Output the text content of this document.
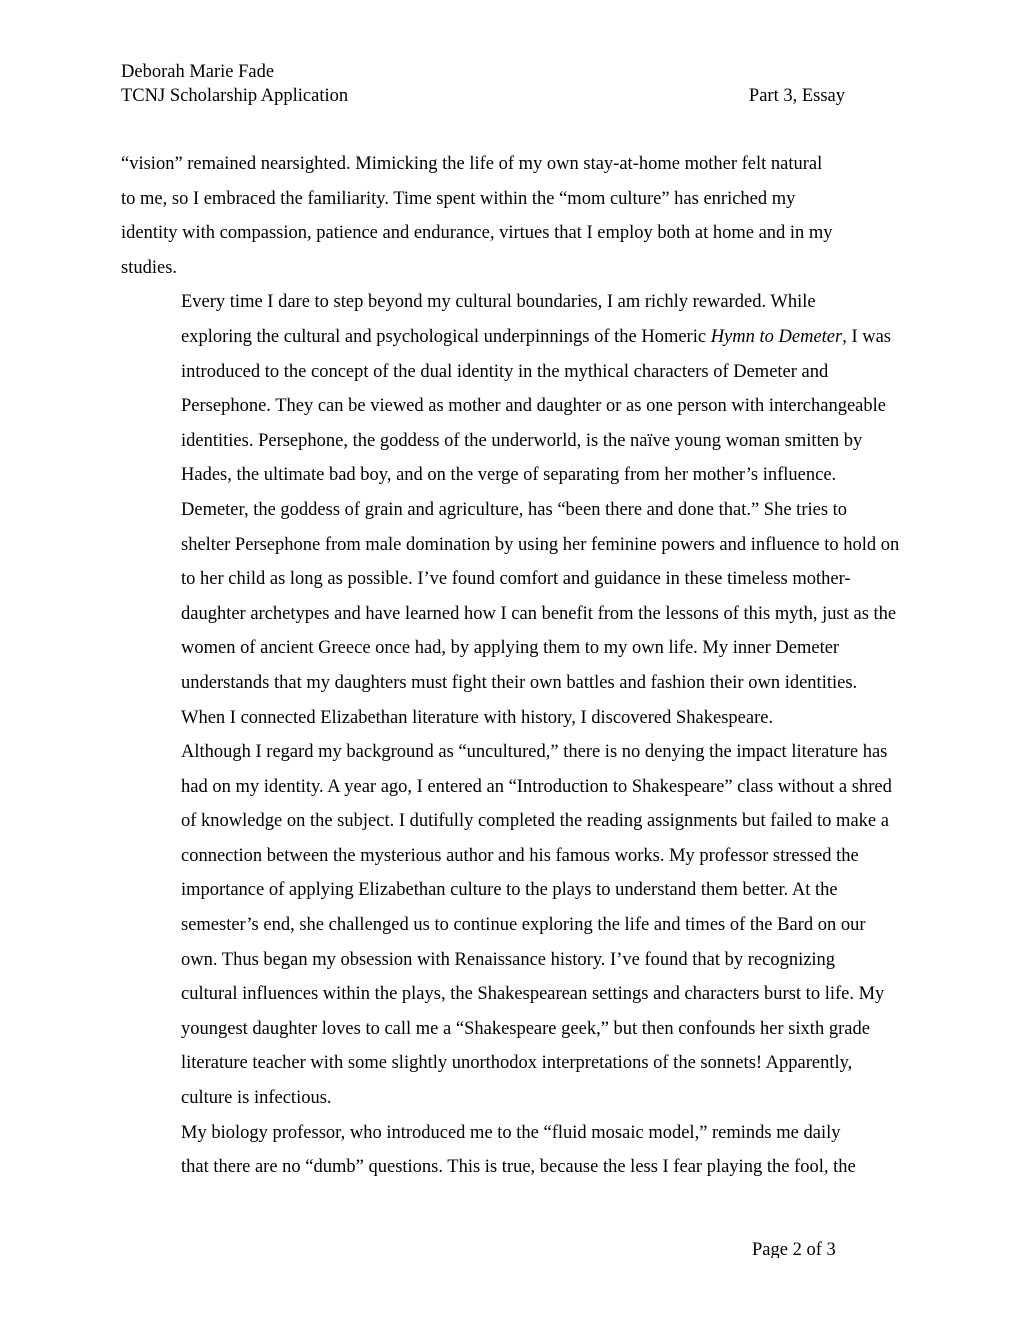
Deborah Marie Fade
TCNJ Scholarship Application	Part 3, Essay

“vision” remained nearsighted. Mimicking the life of my own stay-at-home mother felt natural
to me, so I embraced the familiarity. Time spent within the “mom culture” has enriched my
identity with compassion, patience and endurance, virtues that I employ both at home and in my
studies.

Every time I dare to step beyond my cultural boundaries, I am richly rewarded. While
exploring the cultural and psychological underpinnings of the Homeric Hymn to Demeter, I was
introduced to the concept of the dual identity in the mythical characters of Demeter and
Persephone. They can be viewed as mother and daughter or as one person with interchangeable
identities. Persephone, the goddess of the underworld, is the naïve young woman smitten by
Hades, the ultimate bad boy, and on the verge of separating from her mother’s influence.
Demeter, the goddess of grain and agriculture, has “been there and done that.” She tries to
shelter Persephone from male domination by using her feminine powers and influence to hold on
to her child as long as possible. I’ve found comfort and guidance in these timeless mother-
daughter archetypes and have learned how I can benefit from the lessons of this myth, just as the
women of ancient Greece once had, by applying them to my own life. My inner Demeter
understands that my daughters must fight their own battles and fashion their own identities.

When I connected Elizabethan literature with history, I discovered Shakespeare.
Although I regard my background as “uncultured,” there is no denying the impact literature has
had on my identity. A year ago, I entered an “Introduction to Shakespeare” class without a shred
of knowledge on the subject. I dutifully completed the reading assignments but failed to make a
connection between the mysterious author and his famous works. My professor stressed the
importance of applying Elizabethan culture to the plays to understand them better. At the
semester’s end, she challenged us to continue exploring the life and times of the Bard on our
own. Thus began my obsession with Renaissance history. I’ve found that by recognizing
cultural influences within the plays, the Shakespearean settings and characters burst to life. My
youngest daughter loves to call me a “Shakespeare geek,” but then confounds her sixth grade
literature teacher with some slightly unorthodox interpretations of the sonnets! Apparently,
culture is infectious.

My biology professor, who introduced me to the “fluid mosaic model,” reminds me daily
that there are no “dumb” questions. This is true, because the less I fear playing the fool, the

Page 2 of 3
